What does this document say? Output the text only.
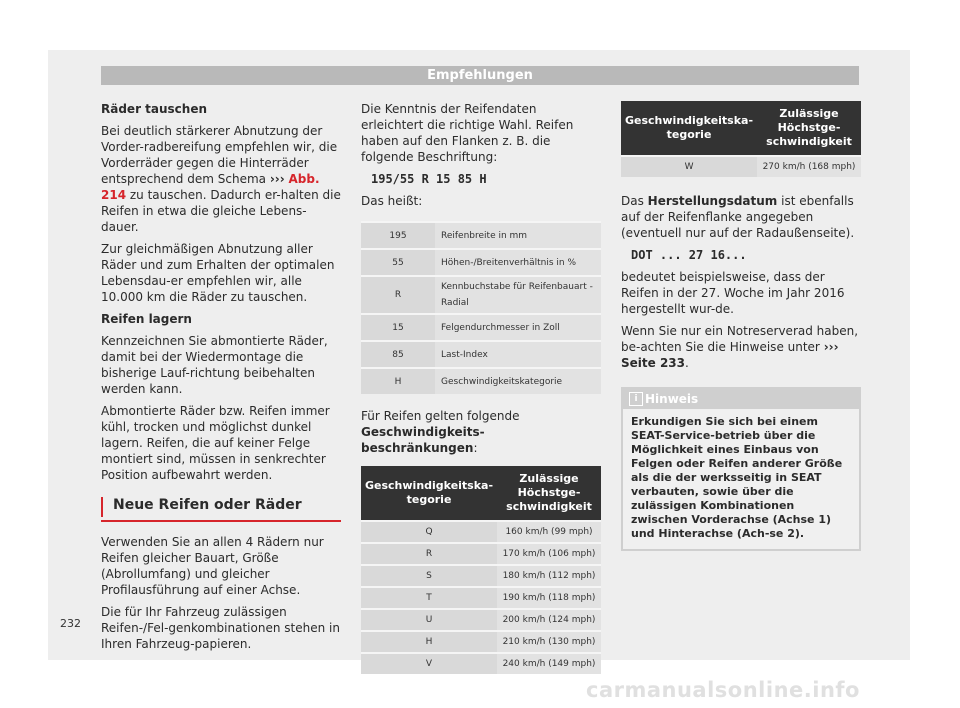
Empfehlungen

Räder tauschen

Bei deutlich stärkerer Abnutzung der Vorder-radbereifung empfehlen wir, die Vorderräder gegen die Hinterräder entsprechend dem Schema ››› Abb. 214 zu tauschen. Dadurch er-halten die Reifen in etwa die gleiche Lebens-dauer.

Zur gleichmäßigen Abnutzung aller Räder und zum Erhalten der optimalen Lebensdau-er empfehlen wir, alle 10.000 km die Räder zu tauschen.

Reifen lagern

Kennzeichnen Sie abmontierte Räder, damit bei der Wiedermontage die bisherige Lauf-richtung beibehalten werden kann.

Abmontierte Räder bzw. Reifen immer kühl, trocken und möglichst dunkel lagern. Reifen, die auf keiner Felge montiert sind, müssen in senkrechter Position aufbewahrt werden.

Neue Reifen oder Räder

Verwenden Sie an allen 4 Rädern nur Reifen gleicher Bauart, Größe (Abrollumfang) und gleicher Profilausführung auf einer Achse.

Die für Ihr Fahrzeug zulässigen Reifen-/Fel-genkombinationen stehen in Ihren Fahrzeug-papieren.

Die Kenntnis der Reifendaten erleichtert die richtige Wahl. Reifen haben auf den Flanken z. B. die folgende Beschriftung:

195/55 R 15 85 H

Das heißt:

195	Reifenbreite in mm
55	Höhen-/Breitenverhältnis in %
R	Kennbuchstabe für Reifenbauart - Radial
15	Felgendurchmesser in Zoll
85	Last-Index
H	Geschwindigkeitskategorie

Für Reifen gelten folgende Geschwindigkeits-beschränkungen:

Geschwindigkeitska-tegorie	Zulässige Höchstge-schwindigkeit
Q	160 km/h (99 mph)
R	170 km/h (106 mph)
S	180 km/h (112 mph)
T	190 km/h (118 mph)
U	200 km/h (124 mph)
H	210 km/h (130 mph)
V	240 km/h (149 mph)
Geschwindigkeitska-tegorie	Zulässige Höchstge-schwindigkeit
W	270 km/h (168 mph)

Das Herstellungsdatum ist ebenfalls auf der Reifenflanke angegeben (eventuell nur auf der Radaußenseite).

DOT ... 27 16...

bedeutet beispielsweise, dass der Reifen in der 27. Woche im Jahr 2016 hergestellt wur-de.

Wenn Sie nur ein Notreserverad haben, be-achten Sie die Hinweise unter ››› Seite 233.

i Hinweis
Erkundigen Sie sich bei einem SEAT-Service-betrieb über die Möglichkeit eines Einbaus von Felgen oder Reifen anderer Größe als die der werksseitig in SEAT verbauten, sowie über die zulässigen Kombinationen zwischen Vorderachse (Achse 1) und Hinterachse (Ach-se 2).
232
carmanualsonline.info
